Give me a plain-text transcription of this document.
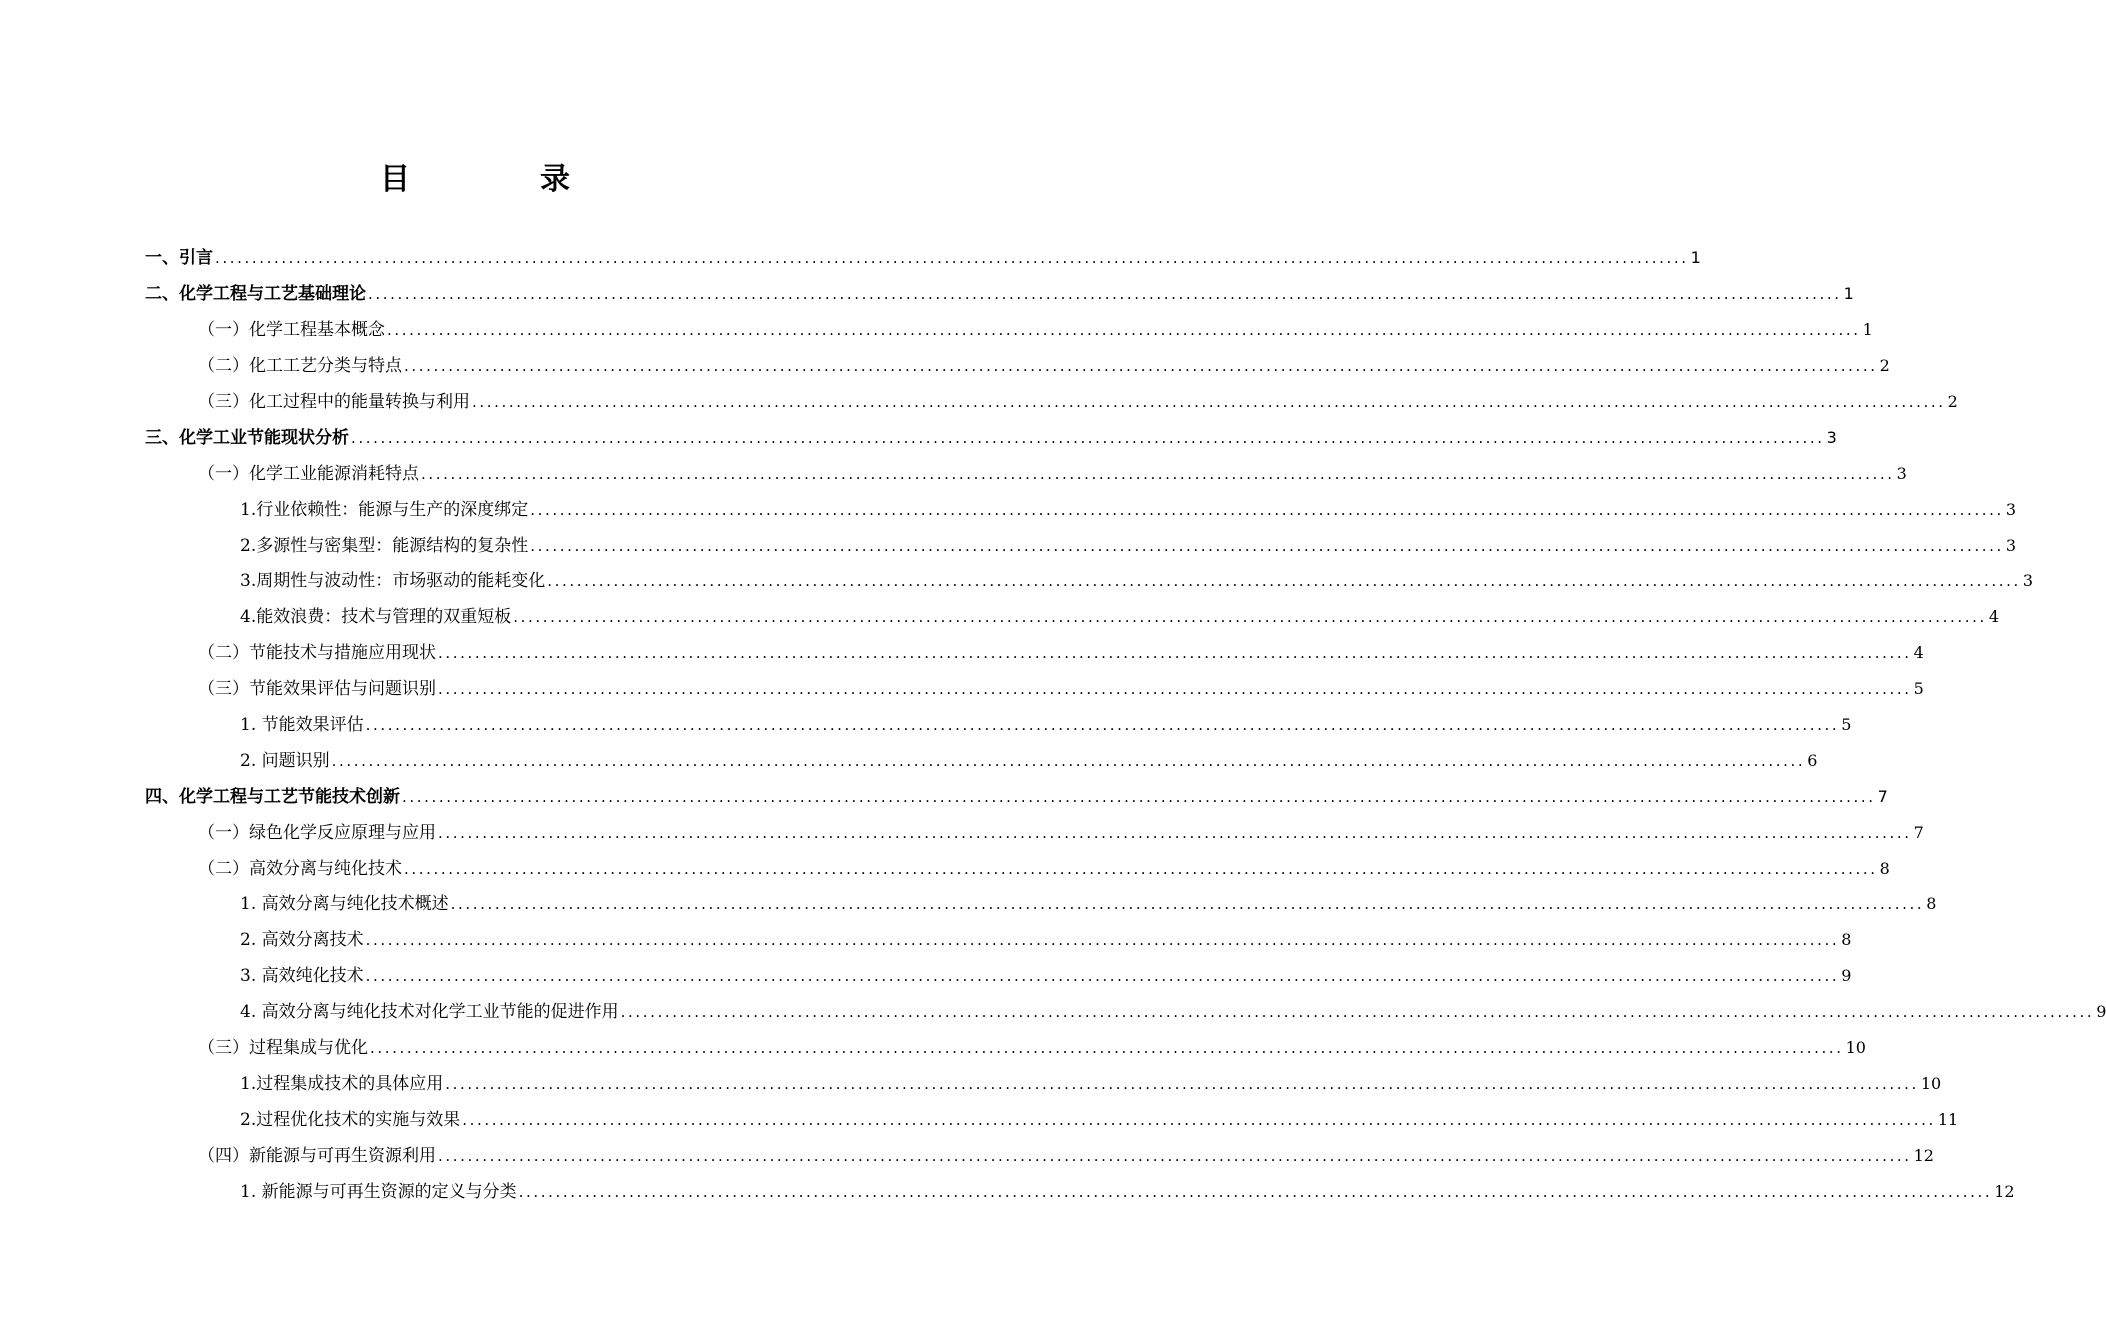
目　录
一、引言 ........................................................................................................................................................................................................ 1
二、化学工程与工艺基础理论 ........................................................................................................................................................................................................ 1
（一）化学工程基本概念 ........................................................................................................................................................................................................ 1
（二）化工工艺分类与特点 ........................................................................................................................................................................................................ 2
（三）化工过程中的能量转换与利用 ........................................................................................................................................................................................................ 2
三、化学工业节能现状分析 ........................................................................................................................................................................................................ 3
（一）化学工业能源消耗特点 ........................................................................................................................................................................................................ 3
1.行业依赖性：能源与生产的深度绑定 ........................................................................................................................................................................................................ 3
2.多源性与密集型：能源结构的复杂性 ........................................................................................................................................................................................................ 3
3.周期性与波动性：市场驱动的能耗变化 ........................................................................................................................................................................................................ 3
4.能效浪费：技术与管理的双重短板 ........................................................................................................................................................................................................ 4
（二）节能技术与措施应用现状 ........................................................................................................................................................................................................ 4
（三）节能效果评估与问题识别 ........................................................................................................................................................................................................ 5
1. 节能效果评估 ........................................................................................................................................................................................................ 5
2. 问题识别 ........................................................................................................................................................................................................ 6
四、化学工程与工艺节能技术创新 ........................................................................................................................................................................................................ 7
（一）绿色化学反应原理与应用 ........................................................................................................................................................................................................ 7
（二）高效分离与纯化技术 ........................................................................................................................................................................................................ 8
1. 高效分离与纯化技术概述 ........................................................................................................................................................................................................ 8
2. 高效分离技术 ........................................................................................................................................................................................................ 8
3. 高效纯化技术 ........................................................................................................................................................................................................ 9
4. 高效分离与纯化技术对化学工业节能的促进作用 ........................................................................................................................................................................................................ 9
（三）过程集成与优化 ........................................................................................................................................................................................................ 10
1.过程集成技术的具体应用 ........................................................................................................................................................................................................ 10
2.过程优化技术的实施与效果 ........................................................................................................................................................................................................ 11
（四）新能源与可再生资源利用 ........................................................................................................................................................................................................ 12
1. 新能源与可再生资源的定义与分类 ........................................................................................................................................................................................................ 12
